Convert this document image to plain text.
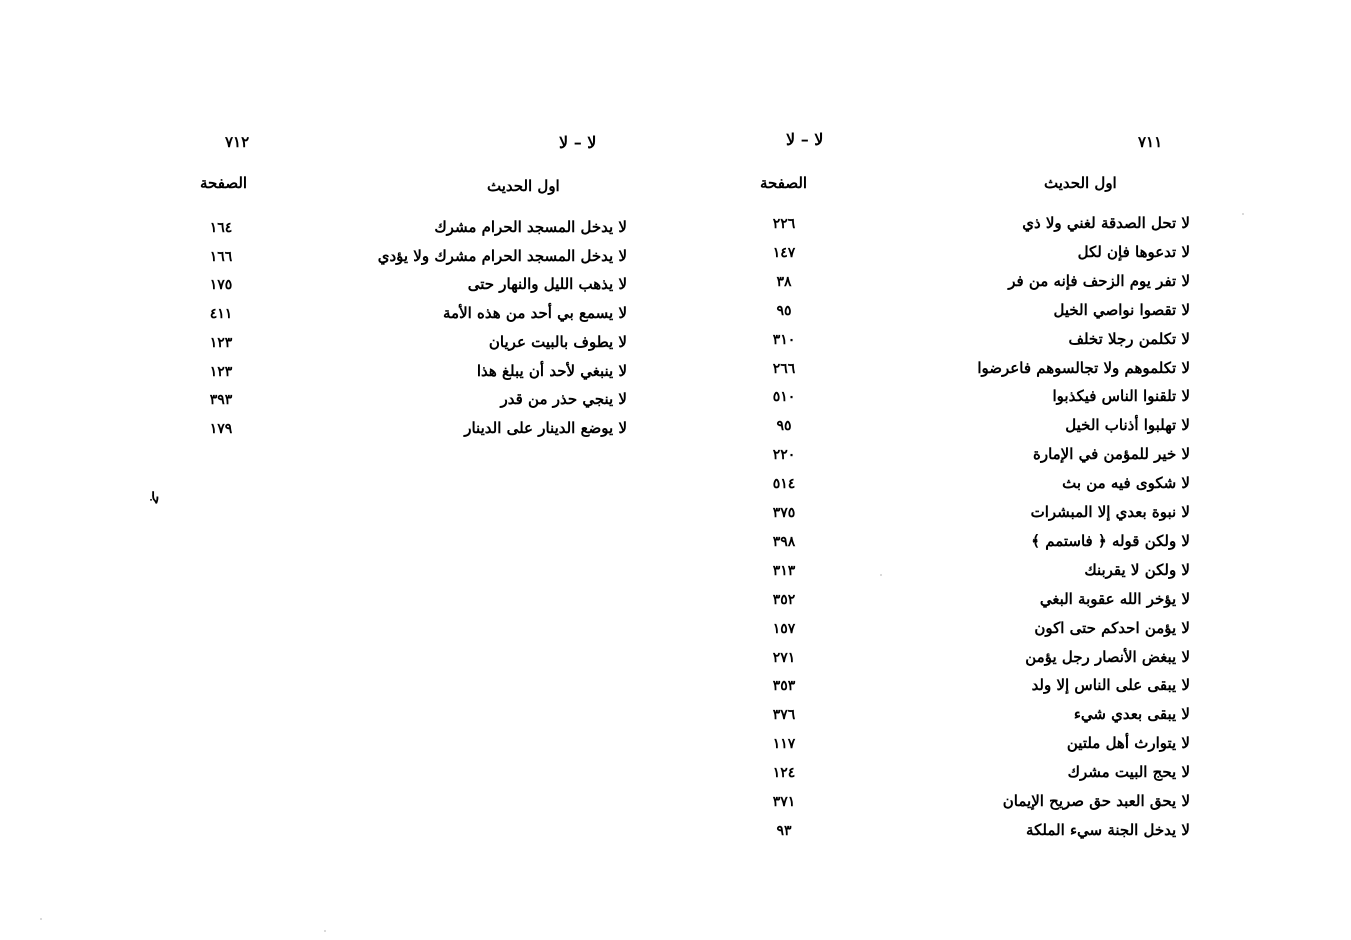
٧١١
لا – لا
اول الحديث
الصفحة
لا تحل الصدقة لغني ولا ذي
٢٢٦
لا تدعوها فإن لكل
١٤٧
لا تفر يوم الزحف فإنه من فر
٣٨
لا تقصوا نواصي الخيل
٩٥
لا تكلمن رجلا تخلف
٣١٠
لا تكلموهم ولا تجالسوهم فاعرضوا
٢٦٦
لا تلقنوا الناس فيكذبوا
٥١٠
لا تهلبوا أذناب الخيل
٩٥
لا خير للمؤمن في الإمارة
٢٢٠
لا شكوى فيه من بث
٥١٤
لا نبوة بعدي إلا المبشرات
٣٧٥
لا ولكن قوله ﴿ فاستمم ﴾
٣٩٨
لا ولكن لا يقربنك
٣١٣
لا يؤخر الله عقوبة البغي
٣٥٢
لا يؤمن احدكم حتى اكون
١٥٧
لا يبغض الأنصار رجل يؤمن
٢٧١
لا يبقى على الناس إلا ولد
٣٥٣
لا يبقى بعدي شيء
٣٧٦
لا يتوارث أهل ملتين
١١٧
لا يحج البيت مشرك
١٢٤
لا يحق العبد حق صريح الإيمان
٣٧١
لا يدخل الجنة سيء الملكة
٩٣
٧١٢	لا – لا
اول الحديث
الصفحة
لا يدخل المسجد الحرام مشرك
١٦٤
لا يدخل المسجد الحرام مشرك ولا يؤدي
١٦٦
لا يذهب الليل والنهار حتى
١٧٥
لا يسمع بي أحد من هذه الأمة
٤١١
لا يطوف بالبيت عريان
١٢٣
لا ينبغي لأحد أن يبلغ هذا
١٢٣
لا ينجي حذر من قدر
٣٩٣
لا يوضع الدينار على الدينار
١٧٩
جـ
